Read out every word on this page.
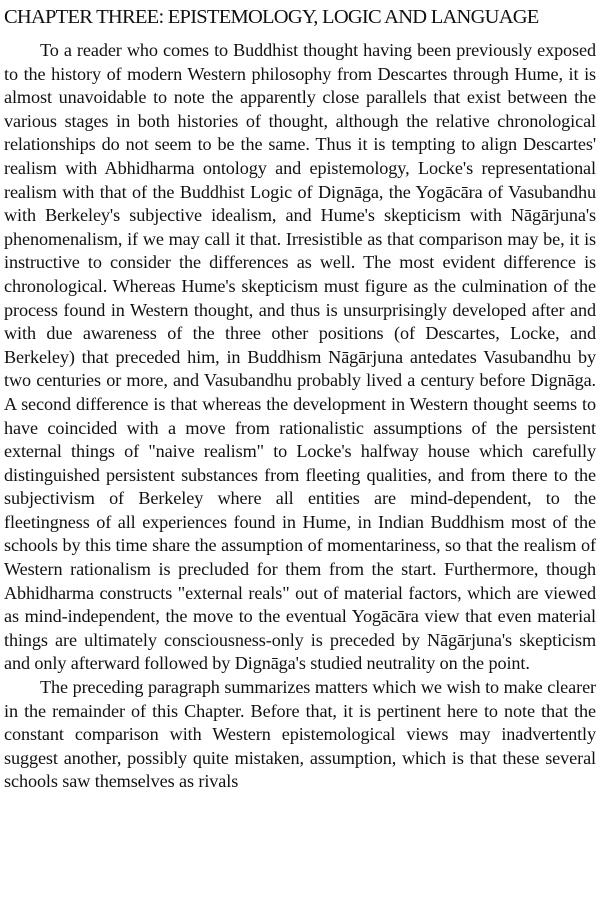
CHAPTER THREE: EPISTEMOLOGY, LOGIC AND LANGUAGE

To a reader who comes to Buddhist thought having been previously exposed to the history of modern Western philosophy from Descartes through Hume, it is almost unavoidable to note the apparently close parallels that exist between the various stages in both histories of thought, although the relative chronological relationships do not seem to be the same. Thus it is tempting to align Descartes' realism with Abhidharma ontology and epistemology, Locke's representational realism with that of the Buddhist Logic of Dignāga, the Yogācāra of Vasubandhu with Berkeley's subjective idealism, and Hume's skepticism with Nāgārjuna's phenomenalism, if we may call it that. Irresistible as that comparison may be, it is instructive to consider the differences as well. The most evident difference is chronological. Whereas Hume's skepticism must figure as the culmination of the process found in Western thought, and thus is unsurprisingly developed after and with due awareness of the three other positions (of Descartes, Locke, and Berkeley) that preceded him, in Buddhism Nāgārjuna antedates Vasubandhu by two centuries or more, and Vasubandhu probably lived a century before Dignāga. A second difference is that whereas the development in Western thought seems to have coincided with a move from rationalistic assumptions of the persistent external things of "naive realism" to Locke's halfway house which carefully distinguished persistent substances from fleeting qualities, and from there to the subjectivism of Berkeley where all entities are mind-dependent, to the fleetingness of all experiences found in Hume, in Indian Buddhism most of the schools by this time share the assumption of momentariness, so that the realism of Western rationalism is precluded for them from the start. Furthermore, though Abhidharma constructs "external reals" out of material factors, which are viewed as mind-independent, the move to the eventual Yogācāra view that even material things are ultimately consciousness-only is preceded by Nāgārjuna's skepticism and only afterward followed by Dignāga's studied neutrality on the point.

The preceding paragraph summarizes matters which we wish to make clearer in the remainder of this Chapter. Before that, it is pertinent here to note that the constant comparison with Western epistemological views may inadvertently suggest another, possibly quite mistaken, assumption, which is that these several schools saw themselves as rivals
